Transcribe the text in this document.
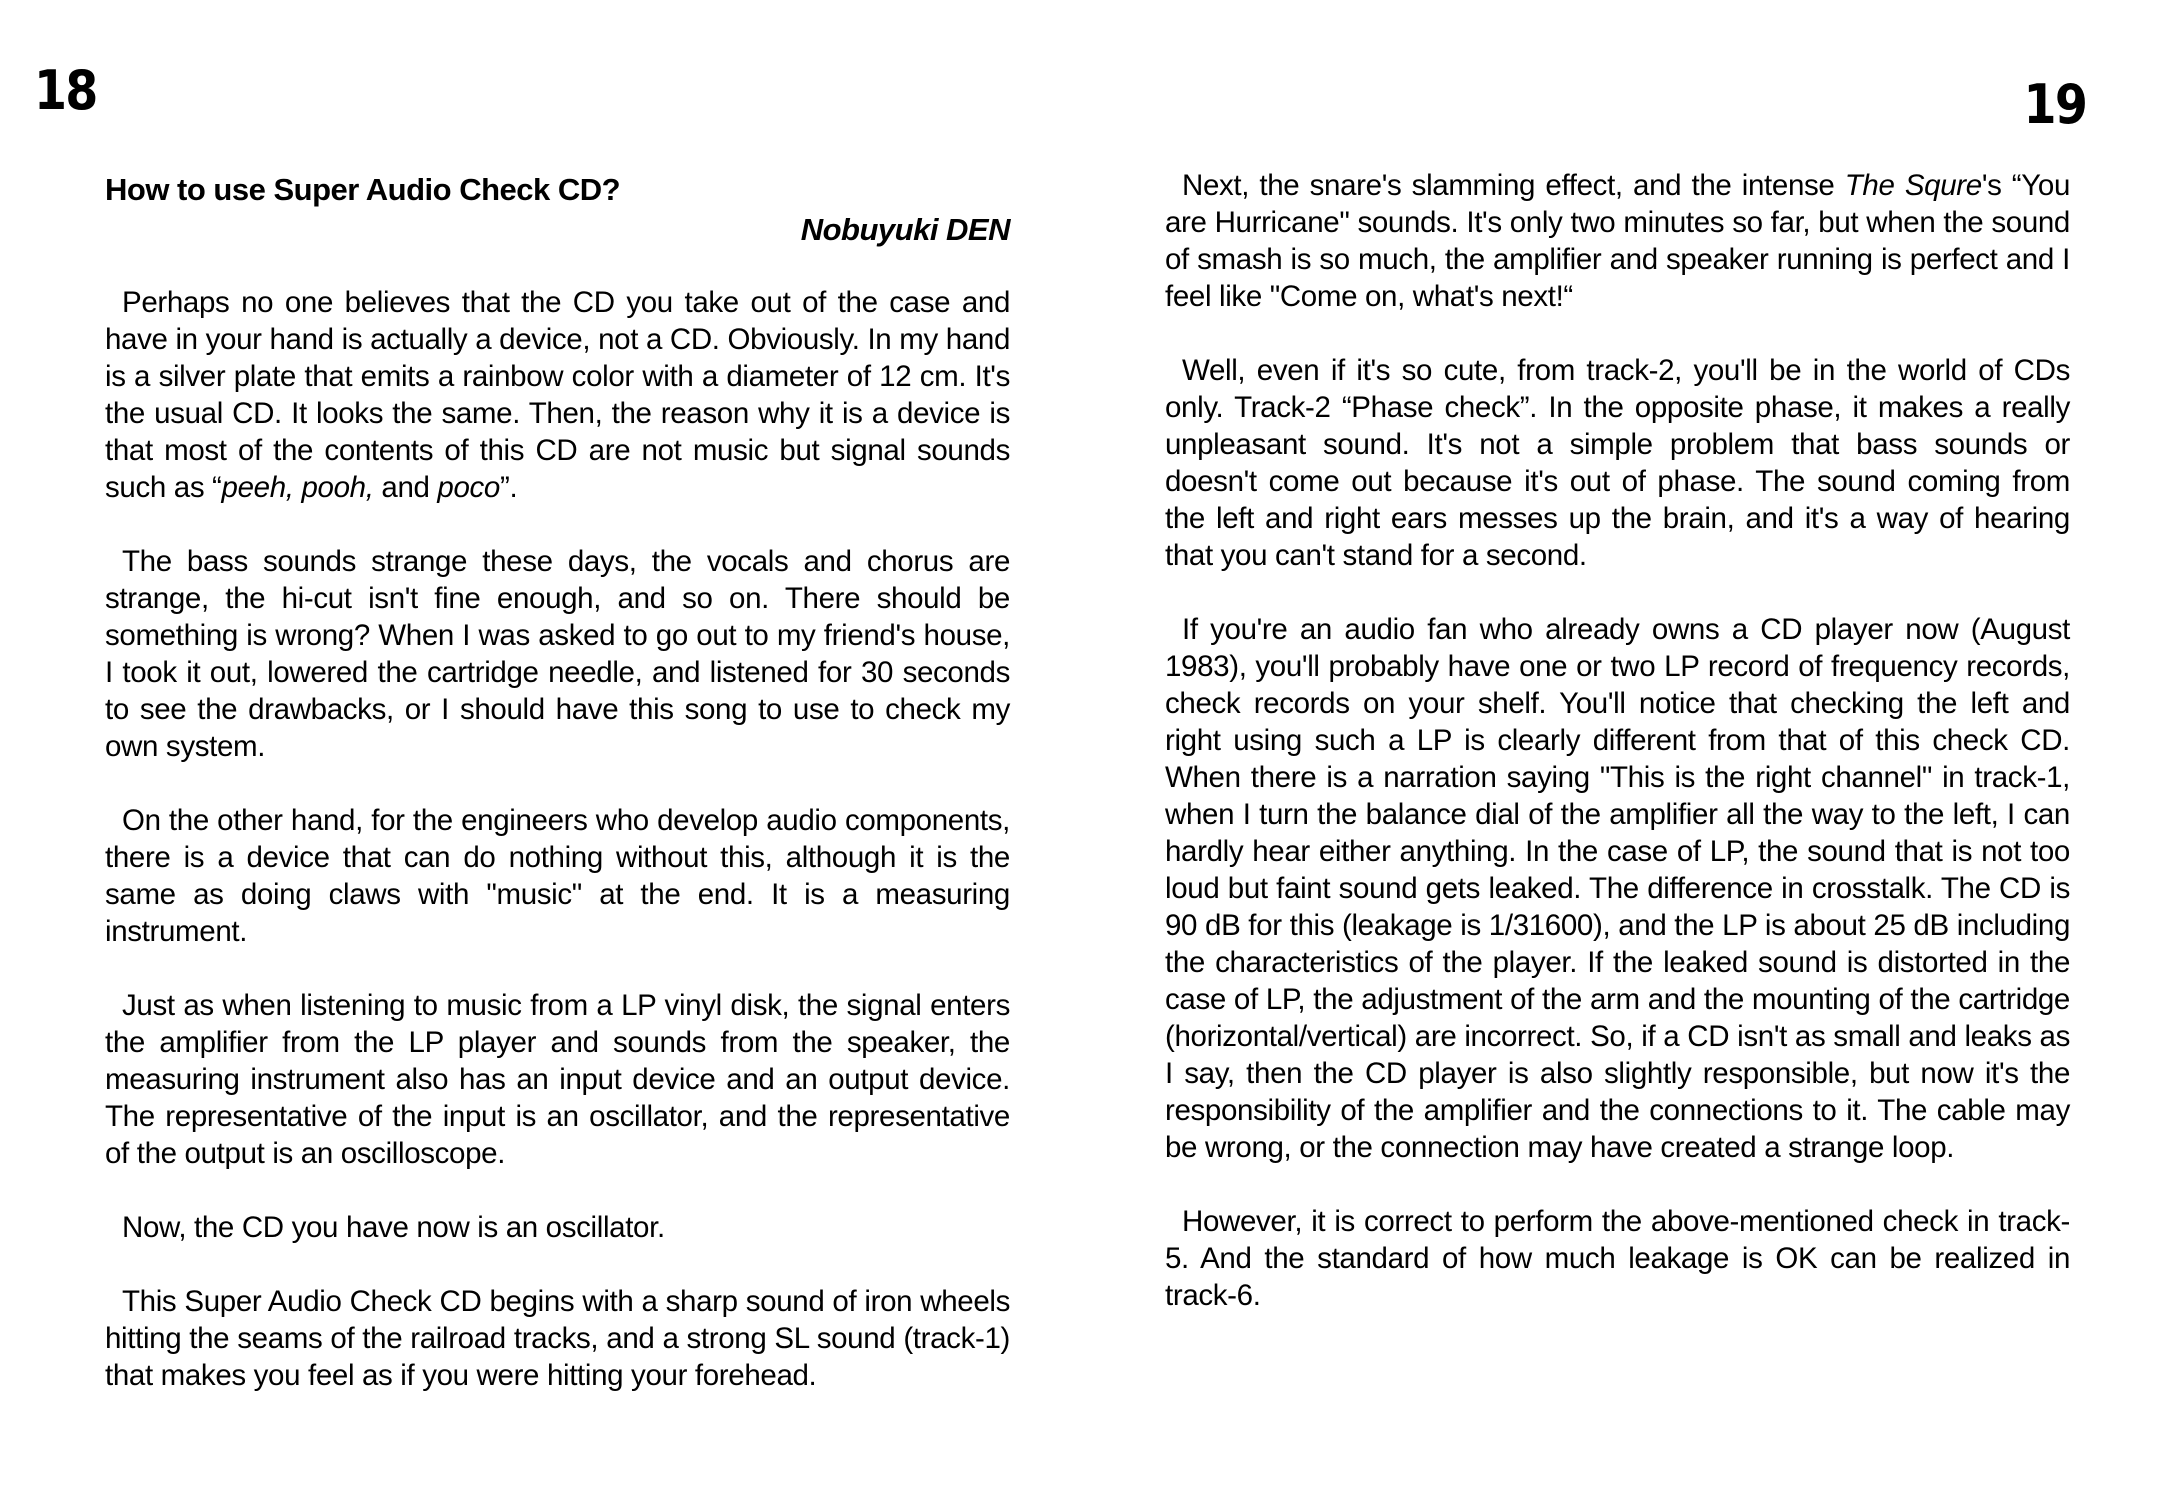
18	19
How to use Super Audio Check CD?
Nobuyuki DEN

Perhaps no one believes that the CD you take out of the case and have in your hand is actually a device, not a CD. Obviously. In my hand is a silver plate that emits a rainbow color with a diameter of 12 cm. It's the usual CD. It looks the same. Then, the reason why it is a device is that most of the contents of this CD are not music but signal sounds such as “peeh, pooh, and poco”.

The bass sounds strange these days, the vocals and chorus are strange, the hi-cut isn't fine enough, and so on. There should be something is wrong? When I was asked to go out to my friend's house, I took it out, lowered the cartridge needle, and listened for 30 seconds to see the drawbacks, or I should have this song to use to check my own system.

On the other hand, for the engineers who develop audio components, there is a device that can do nothing without this, although it is the same as doing claws with "music" at the end. It is a measuring instrument.

Just as when listening to music from a LP vinyl disk, the signal enters the amplifier from the LP player and sounds from the speaker, the measuring instrument also has an input device and an output device. The representative of the input is an oscillator, and the representative of the output is an oscilloscope.

Now, the CD you have now is an oscillator.

This Super Audio Check CD begins with a sharp sound of iron wheels hitting the seams of the railroad tracks, and a strong SL sound (track-1) that makes you feel as if you were hitting your forehead.

Next, the snare's slamming effect, and the intense The Squre's “You are Hurricane" sounds. It's only two minutes so far, but when the sound of smash is so much, the amplifier and speaker running is perfect and I feel like "Come on, what's next!“

Well, even if it's so cute, from track-2, you'll be in the world of CDs only. Track-2 “Phase check”. In the opposite phase, it makes a really unpleasant sound. It's not a simple problem that bass sounds or doesn't come out because it's out of phase. The sound coming from the left and right ears messes up the brain, and it's a way of hearing that you can't stand for a second.

If you're an audio fan who already owns a CD player now (August 1983), you'll probably have one or two LP record of frequency records, check records on your shelf. You'll notice that checking the left and right using such a LP is clearly different from that of this check CD. When there is a narration saying "This is the right channel" in track-1, when I turn the balance dial of the amplifier all the way to the left, I can hardly hear either anything. In the case of LP, the sound that is not too loud but faint sound gets leaked. The difference in crosstalk. The CD is 90 dB for this (leakage is 1/31600), and the LP is about 25 dB including the characteristics of the player. If the leaked sound is distorted in the case of LP, the adjustment of the arm and the mounting of the cartridge (horizontal/vertical) are incorrect. So, if a CD isn't as small and leaks as I say, then the CD player is also slightly responsible, but now it's the responsibility of the amplifier and the connections to it. The cable may be wrong, or the connection may have created a strange loop.

However, it is correct to perform the above-mentioned check in track-5. And the standard of how much leakage is OK can be realized in track-6.
